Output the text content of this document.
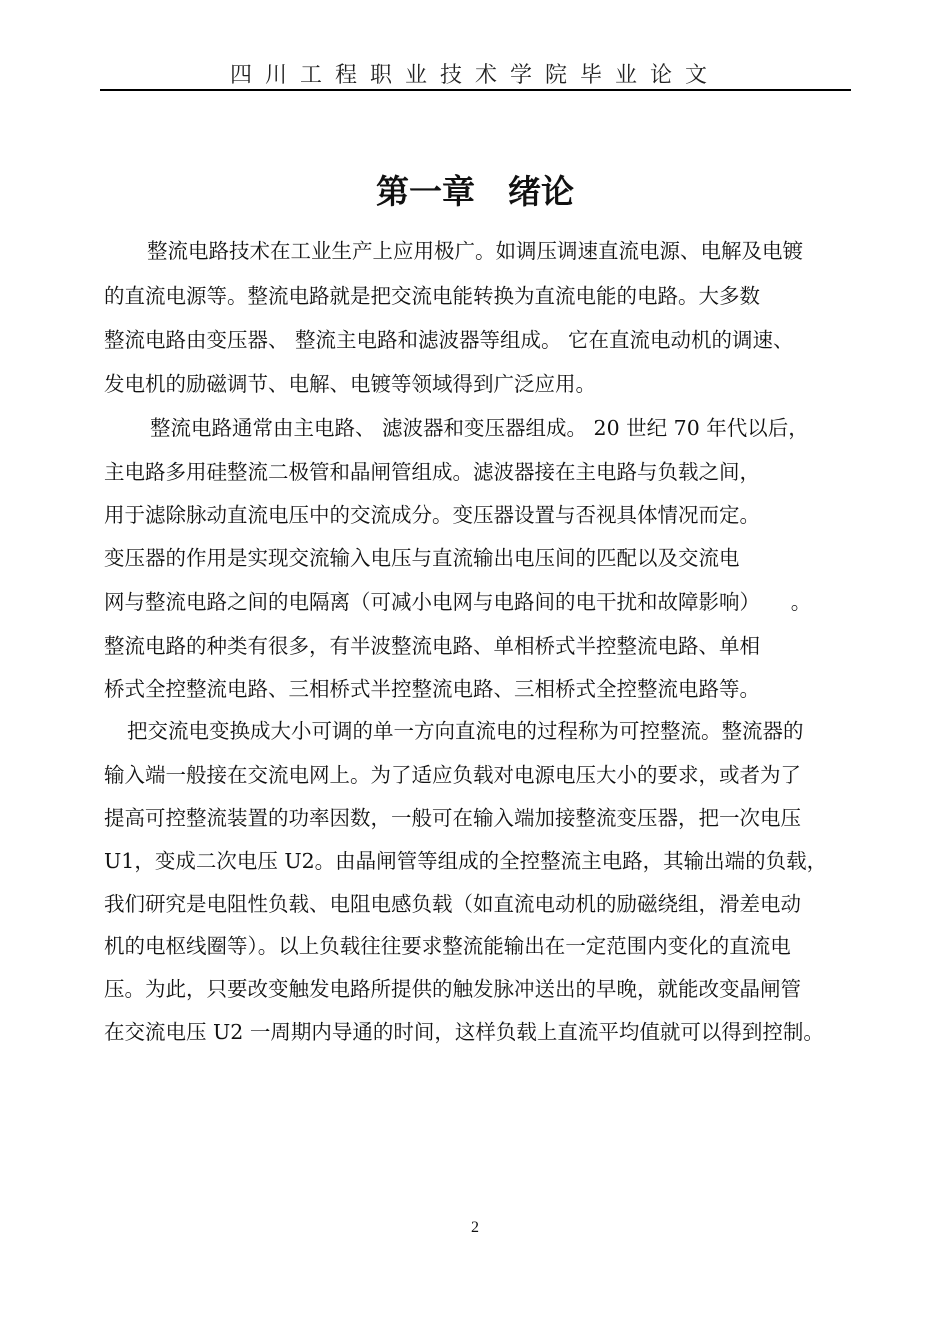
四川工程职业技术学院毕业论文
第一章　绪论
整流电路技术在工业生产上应用极广。如调压调速直流电源、电解及电镀
的直流电源等。整流电路就是把交流电能转换为直流电能的电路。大多数
整流电路由变压器、 整流主电路和滤波器等组成。 它在直流电动机的调速、
发电机的励磁调节、电解、电镀等领域得到广泛应用。
整流电路通常由主电路、 滤波器和变压器组成。 20 世纪 70 年代以后，
主电路多用硅整流二极管和晶闸管组成。滤波器接在主电路与负载之间，
用于滤除脉动直流电压中的交流成分。变压器设置与否视具体情况而定。
变压器的作用是实现交流输入电压与直流输出电压间的匹配以及交流电
网与整流电路之间的电隔离（可减小电网与电路间的电干扰和故障影响）　　。
整流电路的种类有很多，有半波整流电路、单相桥式半控整流电路、单相
桥式全控整流电路、三相桥式半控整流电路、三相桥式全控整流电路等。
把交流电变换成大小可调的单一方向直流电的过程称为可控整流。整流器的
输入端一般接在交流电网上。为了适应负载对电源电压大小的要求，或者为了
提高可控整流装置的功率因数，一般可在输入端加接整流变压器，把一次电压
U1，变成二次电压 U2。由晶闸管等组成的全控整流主电路，其输出端的负载，
我们研究是电阻性负载、电阻电感负载（如直流电动机的励磁绕组，滑差电动
机的电枢线圈等）。以上负载往往要求整流能输出在一定范围内变化的直流电
压。为此，只要改变触发电路所提供的触发脉冲送出的早晚，就能改变晶闸管
在交流电压 U2 一周期内导通的时间，这样负载上直流平均值就可以得到控制。
2
